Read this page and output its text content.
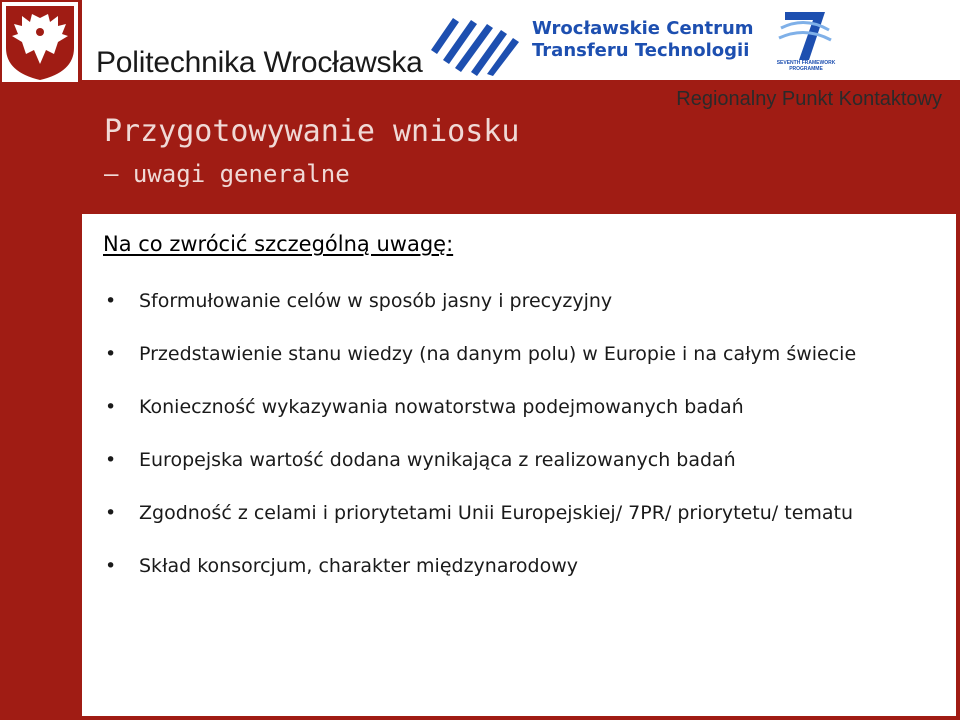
Politechnika Wrocławska
Wrocławskie Centrum
Transferu Technologii
SEVENTH FRAMEWORK
PROGRAMME
Regionalny Punkt Kontaktowy
Przygotowywanie wniosku
– uwagi generalne
Na co zwrócić szczególną uwagę:
• Sformułowanie celów w sposób jasny i precyzyjny
• Przedstawienie stanu wiedzy (na danym polu) w Europie i na całym świecie
• Konieczność wykazywania nowatorstwa podejmowanych badań
• Europejska wartość dodana wynikająca z realizowanych badań
• Zgodność z celami i priorytetami Unii Europejskiej/ 7PR/ priorytetu/ tematu
• Skład konsorcjum, charakter międzynarodowy
